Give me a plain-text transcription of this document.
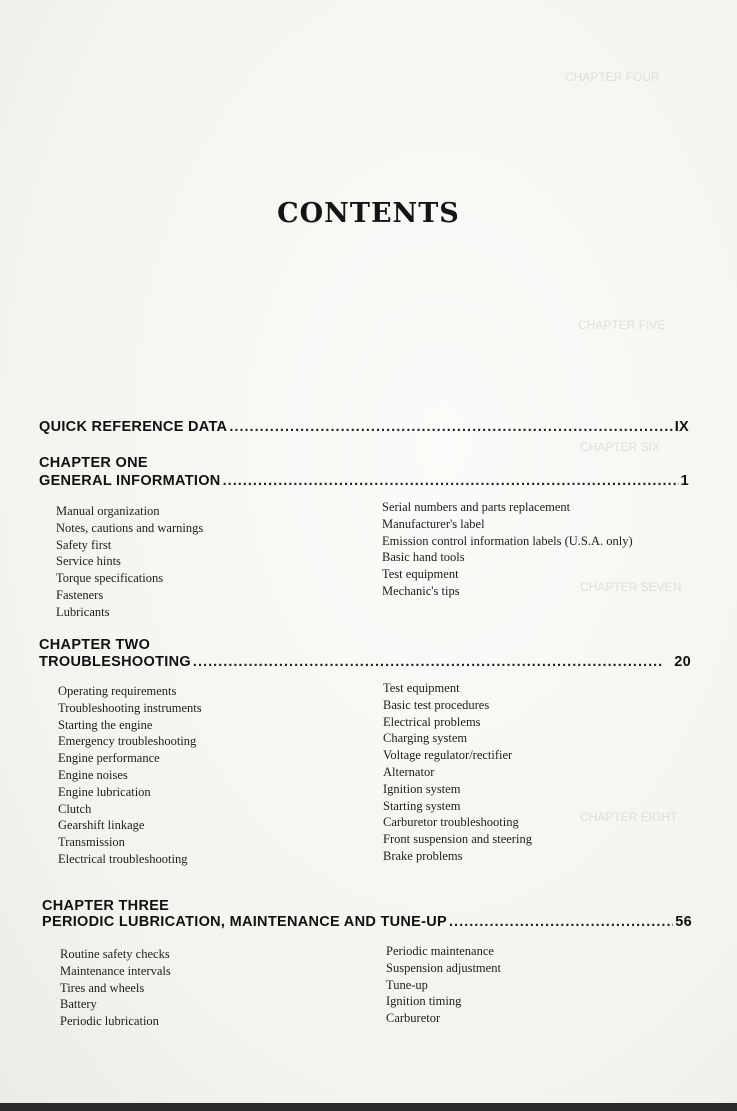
CHAPTER FOUR
CHAPTER FIVE
CHAPTER SIX
CHAPTER SEVEN
CHAPTER EIGHT
CONTENTS
QUICK REFERENCE DATA . . .	IX
CHAPTER ONE
GENERAL INFORMATION . . .	1
Manual organization
Notes, cautions and warnings
Safety first
Service hints
Torque specifications
Fasteners
Lubricants
Serial numbers and parts replacement
Manufacturer's label
Emission control information labels (U.S.A. only)
Basic hand tools
Test equipment
Mechanic's tips
CHAPTER TWO
TROUBLESHOOTING . . .	20
Operating requirements
Troubleshooting instruments
Starting the engine
Emergency troubleshooting
Engine performance
Engine noises
Engine lubrication
Clutch
Gearshift linkage
Transmission
Electrical troubleshooting
Test equipment
Basic test procedures
Electrical problems
Charging system
Voltage regulator/rectifier
Alternator
Ignition system
Starting system
Carburetor troubleshooting
Front suspension and steering
Brake problems
CHAPTER THREE
PERIODIC LUBRICATION, MAINTENANCE AND TUNE-UP . . .	56
Routine safety checks
Maintenance intervals
Tires and wheels
Battery
Periodic lubrication
Periodic maintenance
Suspension adjustment
Tune-up
Ignition timing
Carburetor
